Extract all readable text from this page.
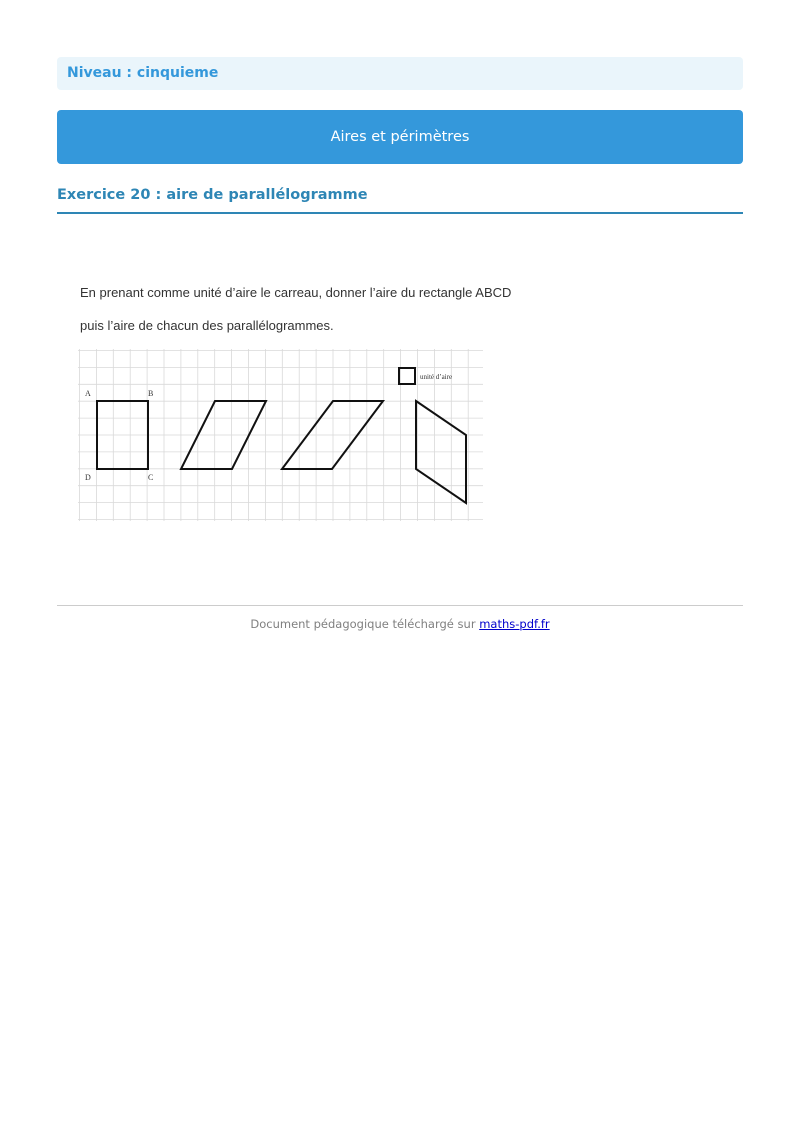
Niveau : cinquieme
Aires et périmètres
Exercice 20 : aire de parallélogramme
En prenant comme unité d’aire le carreau, donner l’aire du rectangle ABCD
puis l’aire de chacun des parallélogrammes.
unité d’aire
A	B
D	C
Document pédagogique téléchargé sur maths-pdf.fr
